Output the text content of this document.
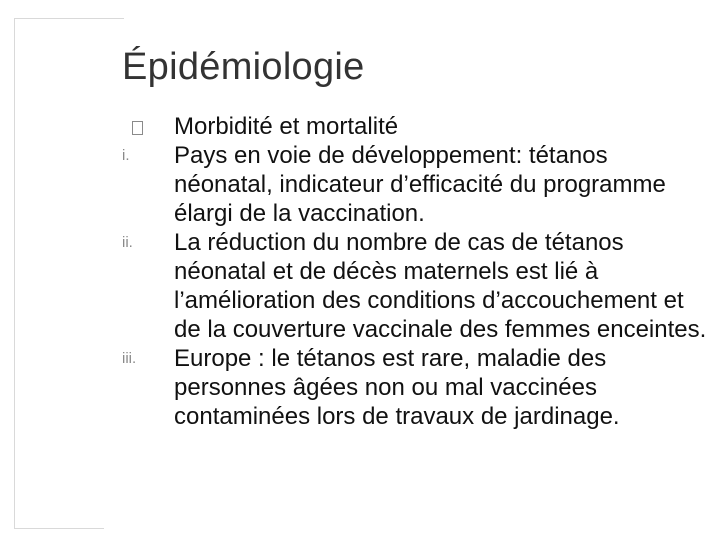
Épidémiologie
Morbidité et mortalité
i. Pays en voie de développement: tétanos néonatal, indicateur d’efficacité du programme élargi de la vaccination.
ii. La réduction du nombre de cas de tétanos néonatal et de décès maternels est lié à l’amélioration des conditions d’accouchement et de la couverture vaccinale des femmes enceintes.
iii. Europe : le tétanos est rare, maladie des personnes âgées non ou mal vaccinées contaminées lors de travaux de jardinage.
